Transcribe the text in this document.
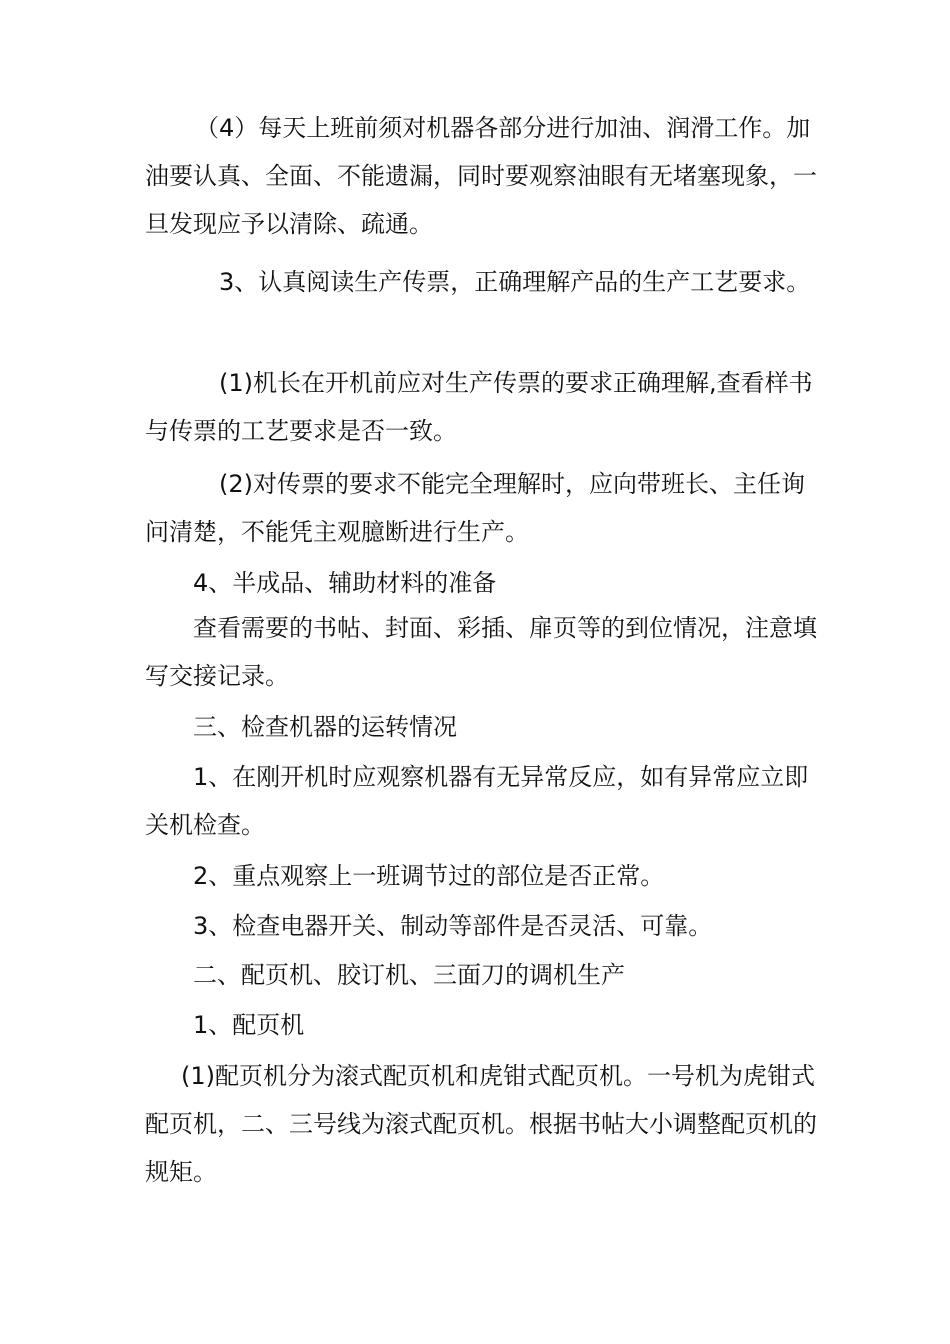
（4）每天上班前须对机器各部分进行加油、润滑工作。加油要认真、全面、不能遗漏，同时要观察油眼有无堵塞现象，一旦发现应予以清除、疏通。

3、认真阅读生产传票，正确理解产品的生产工艺要求。

(1)机长在开机前应对生产传票的要求正确理解,查看样书与传票的工艺要求是否一致。

(2)对传票的要求不能完全理解时，应向带班长、主任询问清楚，不能凭主观臆断进行生产。

4、半成品、辅助材料的准备

查看需要的书帖、封面、彩插、扉页等的到位情况，注意填写交接记录。

三、检查机器的运转情况

1、在刚开机时应观察机器有无异常反应，如有异常应立即关机检查。

2、重点观察上一班调节过的部位是否正常。

3、检查电器开关、制动等部件是否灵活、可靠。

二、配页机、胶订机、三面刀的调机生产

1、配页机

(1)配页机分为滚式配页机和虎钳式配页机。一号机为虎钳式配页机，二、三号线为滚式配页机。根据书帖大小调整配页机的规矩。
